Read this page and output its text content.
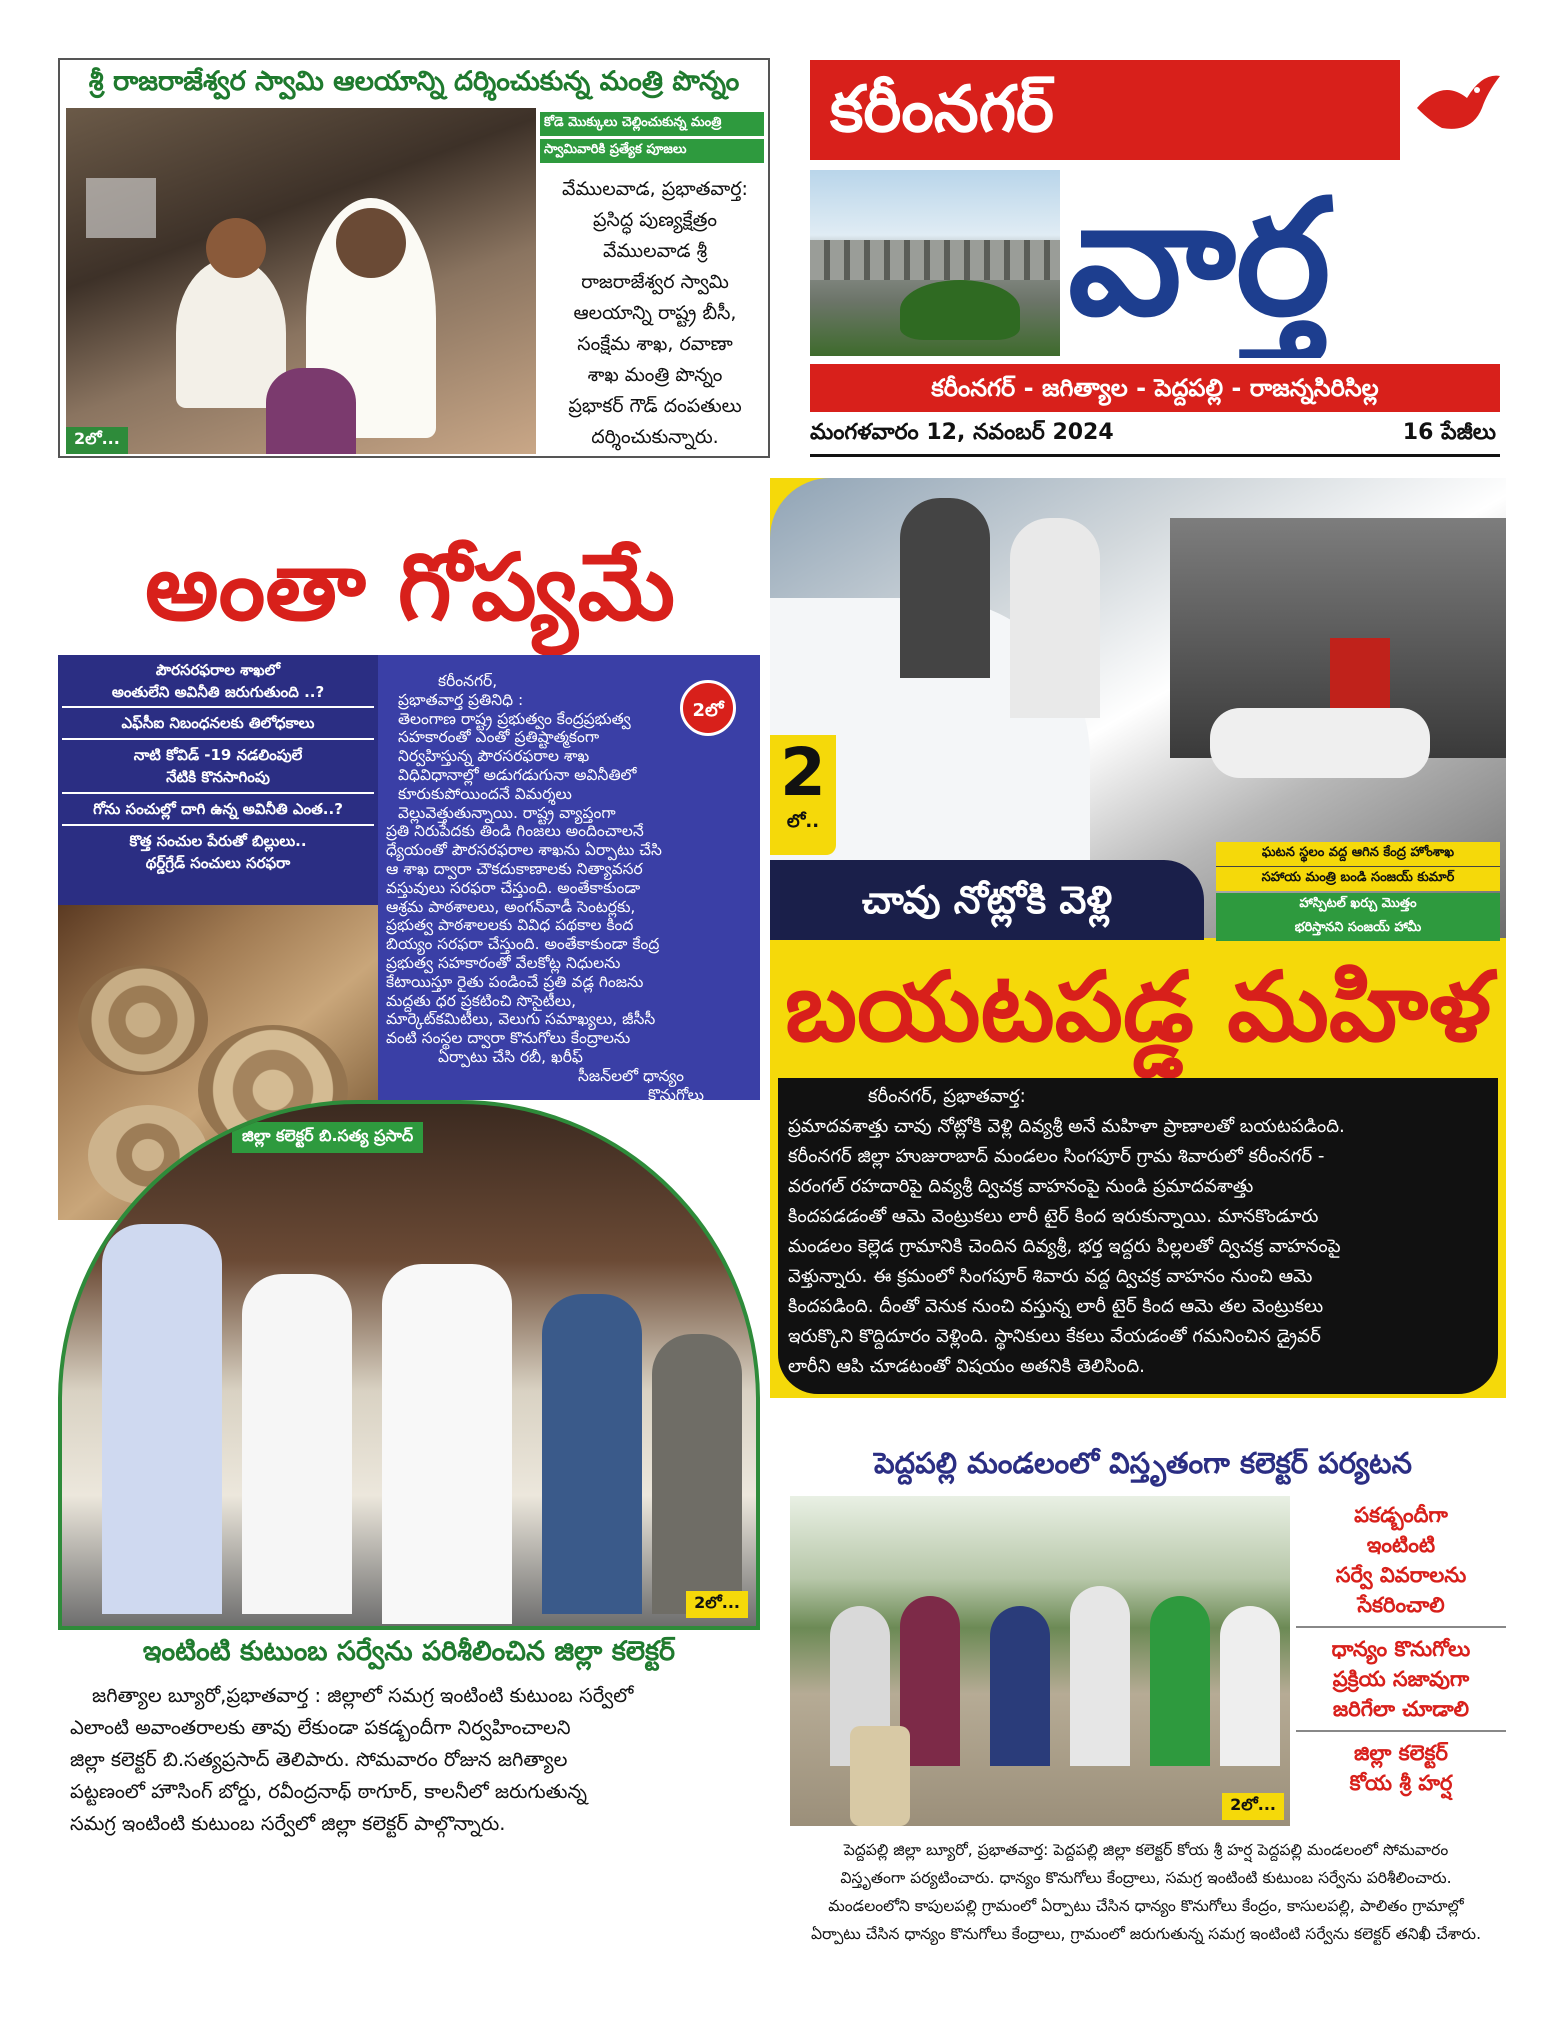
శ్రీ రాజరాజేశ్వర స్వామి ఆలయాన్ని దర్శించుకున్న మంత్రి పొన్నం
2లో...
కోడె మొక్కులు చెల్లించుకున్న మంత్రి
స్వామివారికి ప్రత్యేక పూజలు
వేములవాడ, ప్రభాతవార్త:
ప్రసిద్ధ పుణ్యక్షేత్రం
వేములవాడ శ్రీ
రాజరాజేశ్వర స్వామి
ఆలయాన్ని రాష్ట్ర బీసీ,
సంక్షేమ శాఖ, రవాణా
శాఖ మంత్రి పొన్నం
ప్రభాకర్ గౌడ్ దంపతులు
దర్శించుకున్నారు.
కరీంనగర్
వార్త
కరీంనగర్ - జగిత్యాల - పెద్దపల్లి - రాజన్నసిరిసిల్ల
మంగళవారం 12, నవంబర్ 2024	16 పేజీలు
అంతా గోప్యమే
పౌరసరఫరాల శాఖలో
అంతులేని అవినీతి జరుగుతుంది ..?
ఎఫ్‌సీఐ నిబంధనలకు తిలోధకాలు
నాటి కోవిడ్ -19 నడలింపులే
నేటికి కొనసాగింపు
గోను సంచుల్లో దాగి ఉన్న అవినీతి ఎంత..?
కొత్త సంచుల పేరుతో బిల్లులు..
థర్డ్‌గ్రేడ్ సంచులు సరఫరా
కరీంనగర్,
ప్రభాతవార్త ప్రతినిధి :
తెలంగాణ రాష్ట్ర ప్రభుత్వం కేంద్రప్రభుత్వ
సహకారంతో ఎంతో ప్రతిష్టాత్మకంగా
నిర్వహిస్తున్న పౌరసరఫరాల శాఖ
విధివిధానాల్లో అడుగడుగునా అవినీతిలో
కూరుకుపోయిందనే విమర్శలు
వెల్లువెత్తుతున్నాయి. రాష్ట్ర వ్యాప్తంగా
ప్రతి నిరుపేదకు తిండి గింజలు అందించాలనే
ధ్యేయంతో పౌరసరఫరాల శాఖను ఏర్పాటు చేసి
ఆ శాఖ ద్వారా చౌకదుకాణాలకు నిత్యావసర
వస్తువులు సరఫరా చేస్తుంది. అంతేకాకుండా
ఆశ్రమ పాఠశాలలు, అంగన్‌వాడీ సెంటర్లకు,
ప్రభుత్వ పాఠశాలలకు వివిధ పథకాల కింద
బియ్యం సరఫరా చేస్తుంది. అంతేకాకుండా కేంద్ర
ప్రభుత్వ సహకారంతో వేలకోట్ల నిధులను
కేటాయిస్తూ రైతు పండించే ప్రతి వడ్ల గింజను
మద్దతు ధర ప్రకటించి సొసైటీలు,
మార్కెట్‌కమిటీలు, వెలుగు సమాఖ్యలు, జీసీసీ
వంటి సంస్థల ద్వారా కొనుగోలు కేంద్రాలను
ఏర్పాటు చేసి రబీ, ఖరీఫ్
సీజన్‌లలో ధాన్యం
కొనుగోలు
చేస్తుంది.
2లో
జిల్లా కలెక్టర్ బి.సత్య ప్రసాద్
2లో...
ఇంటింటి కుటుంబ సర్వేను పరిశీలించిన జిల్లా కలెక్టర్
జగిత్యాల బ్యూరో,ప్రభాతవార్త : జిల్లాలో సమగ్ర ఇంటింటి కుటుంబ సర్వేలో
ఎలాంటి అవాంతరాలకు తావు లేకుండా పకడ్బందీగా నిర్వహించాలని
జిల్లా కలెక్టర్ బి.సత్యప్రసాద్ తెలిపారు. సోమవారం రోజున జగిత్యాల
పట్టణంలో హౌసింగ్ బోర్డు, రవీంద్రనాథ్ ఠాగూర్, కాలనీలో జరుగుతున్న
సమగ్ర ఇంటింటి కుటుంబ సర్వేలో జిల్లా కలెక్టర్ పాల్గొన్నారు.
2
లో..
ఘటన స్థలం వద్ద ఆగిన కేంద్ర హోంశాఖ
సహాయ మంత్రి బండి సంజయ్ కుమార్
హాస్పిటల్ ఖర్చు మొత్తం
భరిస్తానని సంజయ్ హామీ
చావు నోట్లోకి వెళ్లి
బయటపడ్డ మహిళ
కరీంనగర్, ప్రభాతవార్త:
ప్రమాదవశాత్తు చావు నోట్లోకి వెళ్లి దివ్యశ్రీ అనే మహిళా ప్రాణాలతో బయటపడింది.
కరీంనగర్ జిల్లా హుజురాబాద్ మండలం సింగపూర్ గ్రామ శివారులో కరీంనగర్ -
వరంగల్ రహదారిపై దివ్యశ్రీ ద్విచక్ర వాహనంపై నుండి ప్రమాదవశాత్తు
కిందపడడంతో ఆమె వెంట్రుకలు లారీ టైర్ కింద ఇరుకున్నాయి. మానకొండూరు
మండలం కెల్లెడ గ్రామానికి చెందిన దివ్యశ్రీ, భర్త ఇద్దరు పిల్లలతో ద్విచక్ర వాహనంపై
వెళ్తున్నారు. ఈ క్రమంలో సింగపూర్ శివారు వద్ద ద్విచక్ర వాహనం నుంచి ఆమె
కిందపడింది. దీంతో వెనుక నుంచి వస్తున్న లారీ టైర్ కింద ఆమె తల వెంట్రుకలు
ఇరుక్కొని కొద్దిదూరం వెళ్లింది. స్థానికులు కేకలు వేయడంతో గమనించిన డ్రైవర్
లారీని ఆపి చూడటంతో విషయం అతనికి తెలిసింది.
పెద్దపల్లి మండలంలో విస్తృతంగా కలెక్టర్ పర్యటన
2లో...
పకడ్బందీగా
ఇంటింటి
సర్వే వివరాలను
సేకరించాలి
ధాన్యం కొనుగోలు
ప్రక్రియ సజావుగా
జరిగేలా చూడాలి
జిల్లా కలెక్టర్
కోయ శ్రీ హర్ష
పెద్దపల్లి జిల్లా బ్యూరో, ప్రభాతవార్త: పెద్దపల్లి జిల్లా కలెక్టర్ కోయ శ్రీ హర్ష పెద్దపల్లి మండలంలో సోమవారం
విస్తృతంగా పర్యటించారు. ధాన్యం కొనుగోలు కేంద్రాలు, సమగ్ర ఇంటింటి కుటుంబ సర్వేను పరిశీలించారు.
మండలంలోని కాపులపల్లి గ్రామంలో ఏర్పాటు చేసిన ధాన్యం కొనుగోలు కేంద్రం, కాసులపల్లి, పాలితం గ్రామాల్లో
ఏర్పాటు చేసిన ధాన్యం కొనుగోలు కేంద్రాలు, గ్రామంలో జరుగుతున్న సమగ్ర ఇంటింటి సర్వేను కలెక్టర్ తనిఖీ చేశారు.
